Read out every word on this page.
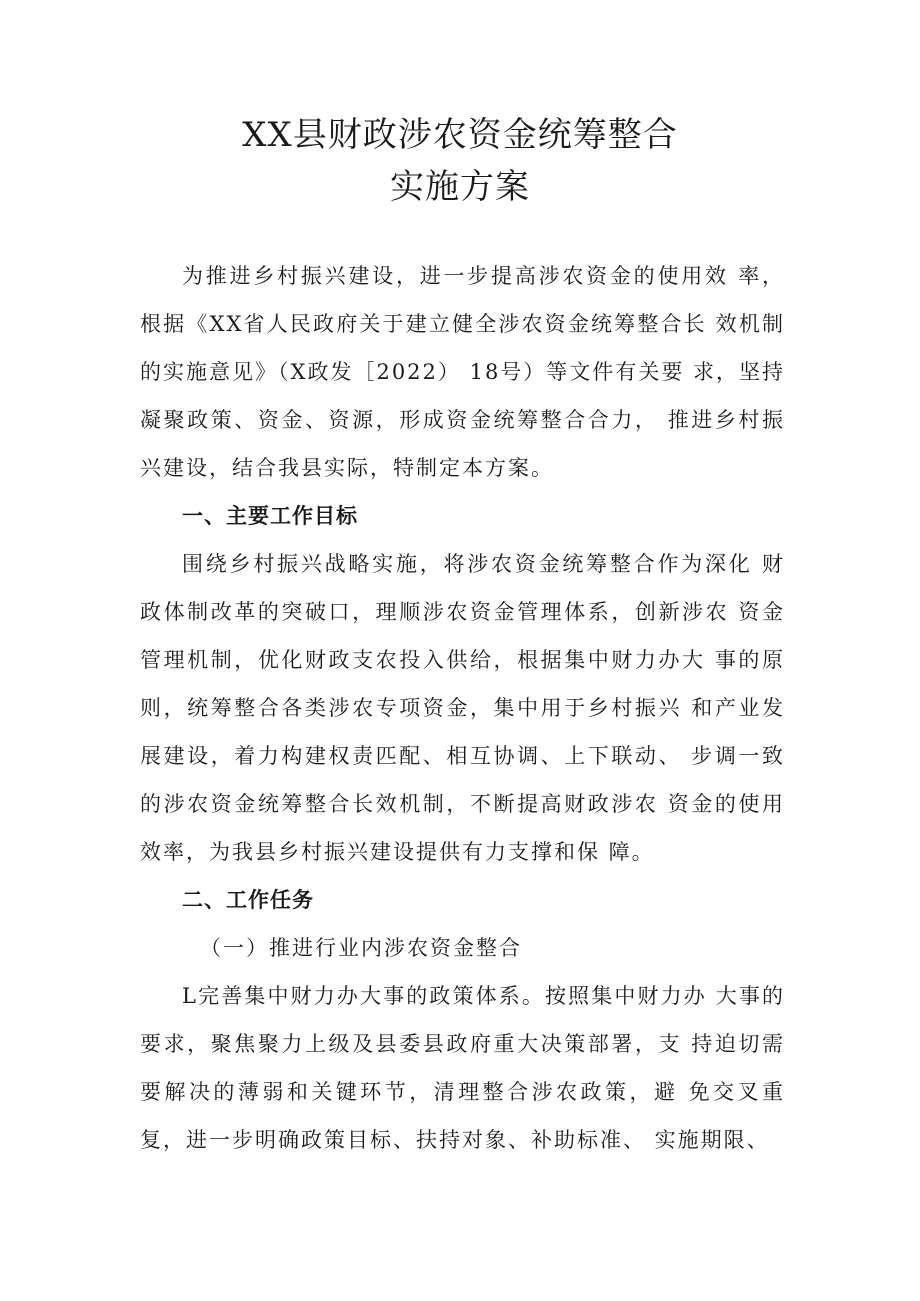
XX县财政涉农资金统筹整合
实施方案

为推进乡村振兴建设，进一步提高涉农资金的使用效 率，根据《XX省人民政府关于建立健全涉农资金统筹整合长 效机制的实施意见》（X政发［2022） 18号）等文件有关要 求，坚持凝聚政策、资金、资源，形成资金统筹整合合力， 推进乡村振兴建设，结合我县实际，特制定本方案。

一、主要工作目标

围绕乡村振兴战略实施，将涉农资金统筹整合作为深化 财政体制改革的突破口，理顺涉农资金管理体系，创新涉农 资金管理机制，优化财政支农投入供给，根据集中财力办大 事的原则，统筹整合各类涉农专项资金，集中用于乡村振兴 和产业发展建设，着力构建权责匹配、相互协调、上下联动、 步调一致的涉农资金统筹整合长效机制，不断提高财政涉农 资金的使用效率，为我县乡村振兴建设提供有力支撑和保 障。

二、工作任务

（一）推进行业内涉农资金整合

L完善集中财力办大事的政策体系。按照集中财力办 大事的要求，聚焦聚力上级及县委县政府重大决策部署，支 持迫切需要解决的薄弱和关键环节，清理整合涉农政策，避 免交叉重复，进一步明确政策目标、扶持对象、补助标准、 实施期限、
